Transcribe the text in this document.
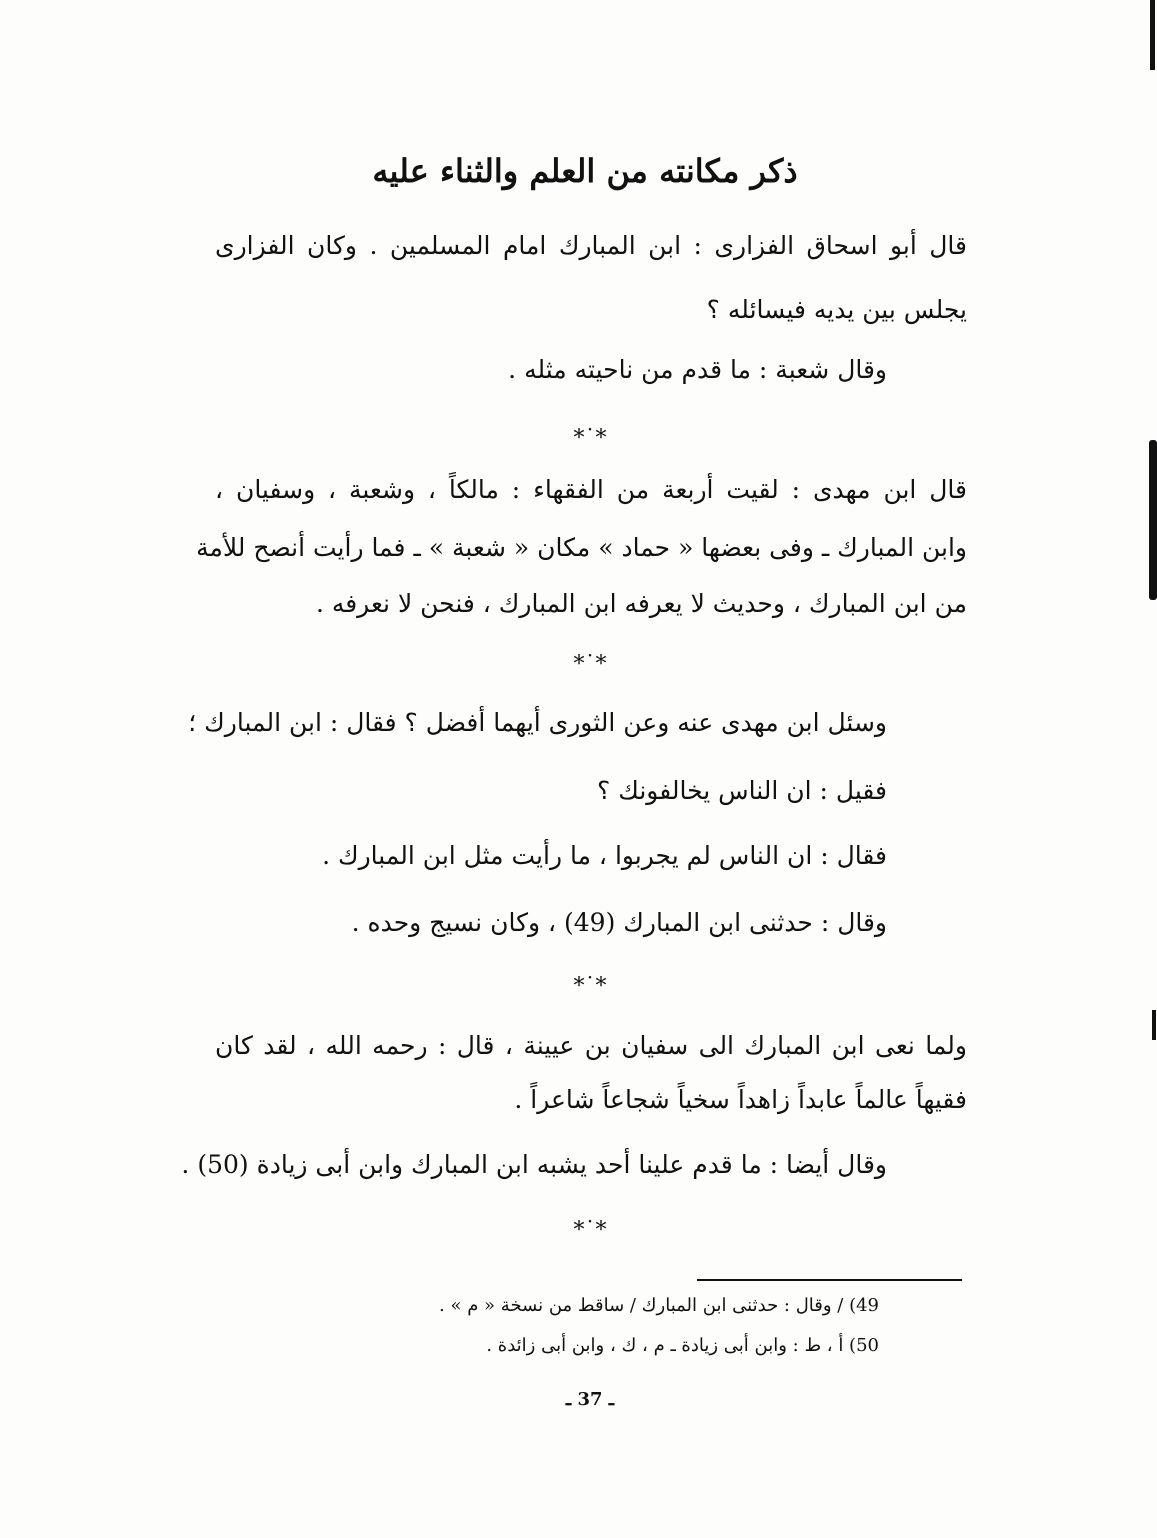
ذكر مكانته من العلم والثناء عليه
قال أبو اسحاق الفزارى : ابن المبارك امام المسلمين . وكان الفزارى
يجلس بين يديه فيسائله ؟
وقال شعبة : ما قدم من ناحيته مثله .
*˙*
قال ابن مهدى : لقيت أربعة من الفقهاء : مالكاً ، وشعبة ، وسفيان ،
وابن المبارك ـ وفى بعضها « حماد » مكان « شعبة » ـ فما رأيت أنصح للأمة
من ابن المبارك ، وحديث لا يعرفه ابن المبارك ، فنحن لا نعرفه .
*˙*
وسئل ابن مهدى عنه وعن الثورى أيهما أفضل ؟ فقال : ابن المبارك ؛
فقيل : ان الناس يخالفونك ؟
فقال : ان الناس لم يجربوا ، ما رأيت مثل ابن المبارك .
وقال : حدثنى ابن المبارك (49) ، وكان نسيج وحده .
*˙*
ولما نعى ابن المبارك الى سفيان بن عيينة ، قال : رحمه الله ، لقد كان
فقيهاً عالماً عابداً زاهداً سخياً شجاعاً شاعراً .
وقال أيضا : ما قدم علينا أحد يشبه ابن المبارك وابن أبى زيادة (50) .
*˙*
49) / وقال : حدثنى ابن المبارك / ساقط من نسخة « م » .
50) أ ، ط : وابن أبى زيادة ـ م ، ك ، وابن أبى زائدة .
ـ 37 ـ
